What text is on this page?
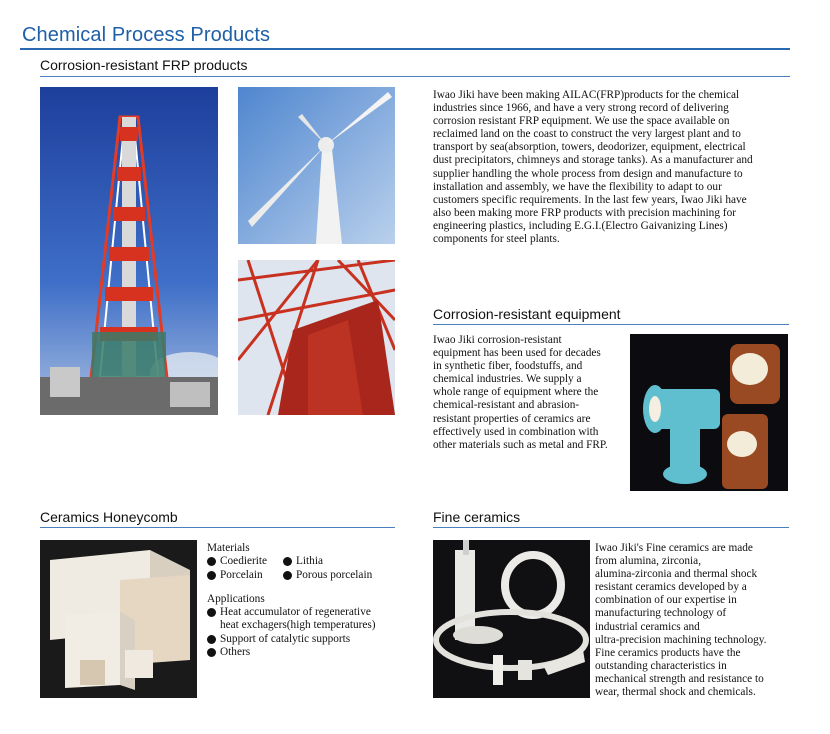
Chemical Process Products
Corrosion-resistant FRP products

Iwao Jiki have been making AILAC(FRP)products for the chemical
industries since 1966, and have a very strong record of delivering
corrosion resistant FRP equipment. We use the space available on
reclaimed land on the coast to construct the very largest plant and to
transport by sea(absorption, towers, deodorizer, equipment, electrical
dust precipitators, chimneys and storage tanks). As a manufacturer and
supplier handling the whole process from design and manufacture to
installation and assembly, we have the flexibility to adapt to our
customers specific requirements. In the last few years, Iwao Jiki have
also been making more FRP products with precision machining for
engineering plastics, including E.G.I.(Electro Gaivanizing Lines)
components for steel plants.

Corrosion-resistant equipment

Iwao Jiki corrosion-resistant
equipment has been used for decades
in synthetic fiber, foodstuffs, and
chemical industries. We supply a
whole range of equipment where the
chemical-resistant and abrasion-
resistant properties of ceramics are
effectively used in combination with
other materials such as metal and FRP.

Ceramics Honeycomb
Materials
Coedierite	Lithia
Porcelain	Porous porcelain
Applications
Heat accumulator of regenerative
heat exchagers(high temperatures)
Support of catalytic supports
Others
Fine ceramics

Iwao Jiki's Fine ceramics are made
from alumina, zirconia,
alumina-zirconia and thermal shock
resistant ceramics developed by a
combination of our expertise in
manufacturing technology of
industrial ceramics and
ultra-precision machining technology.
Fine ceramics products have the
outstanding characteristics in
mechanical strength and resistance to
wear, thermal shock and chemicals.
